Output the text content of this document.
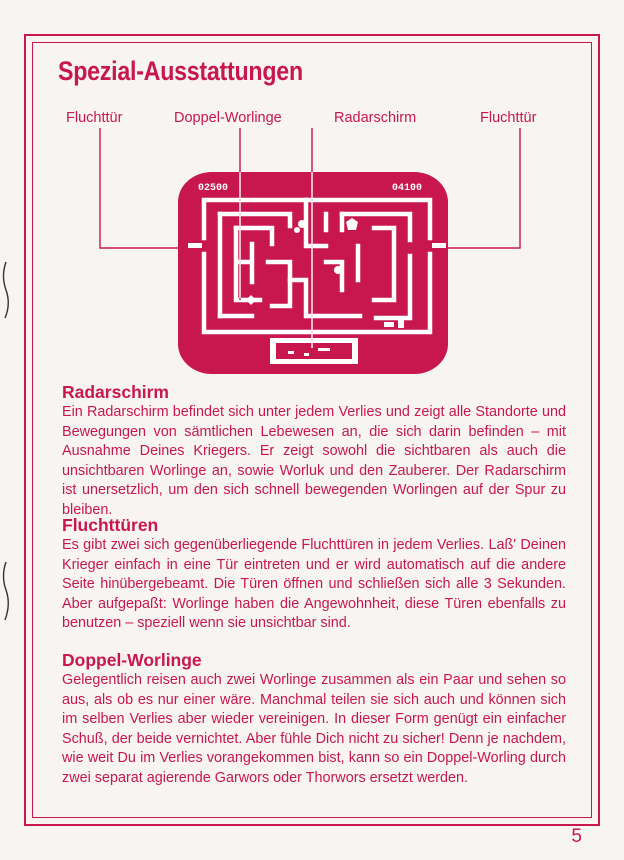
Spezial-Ausstattungen
Fluchttür	Doppel-Worlinge	Radarschirm	Fluchttür
02500	04100
Radarschirm

Ein Radarschirm befindet sich unter jedem Verlies und zeigt alle Standorte und Bewegungen von sämtlichen Lebewesen an, die sich darin befinden – mit Ausnahme Deines Kriegers. Er zeigt sowohl die sichtbaren als auch die unsichtbaren Worlinge an, sowie Worluk und den Zauberer. Der Radarschirm ist unersetzlich, um den sich schnell bewegenden Worlingen auf der Spur zu bleiben.

Fluchttüren

Es gibt zwei sich gegenüberliegende Fluchttüren in jedem Verlies. Laß' Deinen Krieger einfach in eine Tür eintreten und er wird automatisch auf die andere Seite hinübergebeamt. Die Türen öffnen und schließen sich alle 3 Sekunden. Aber aufgepaßt: Worlinge haben die Angewohnheit, diese Türen ebenfalls zu benutzen – speziell wenn sie unsichtbar sind.

Doppel-Worlinge

Gelegentlich reisen auch zwei Worlinge zusammen als ein Paar und sehen so aus, als ob es nur einer wäre. Manchmal teilen sie sich auch und können sich im selben Verlies aber wieder vereinigen. In dieser Form genügt ein einfacher Schuß, der beide vernichtet. Aber fühle Dich nicht zu sicher! Denn je nachdem, wie weit Du im Verlies vorangekommen bist, kann so ein Doppel-Worling durch zwei separat agierende Garwors oder Thorwors ersetzt werden.

5
